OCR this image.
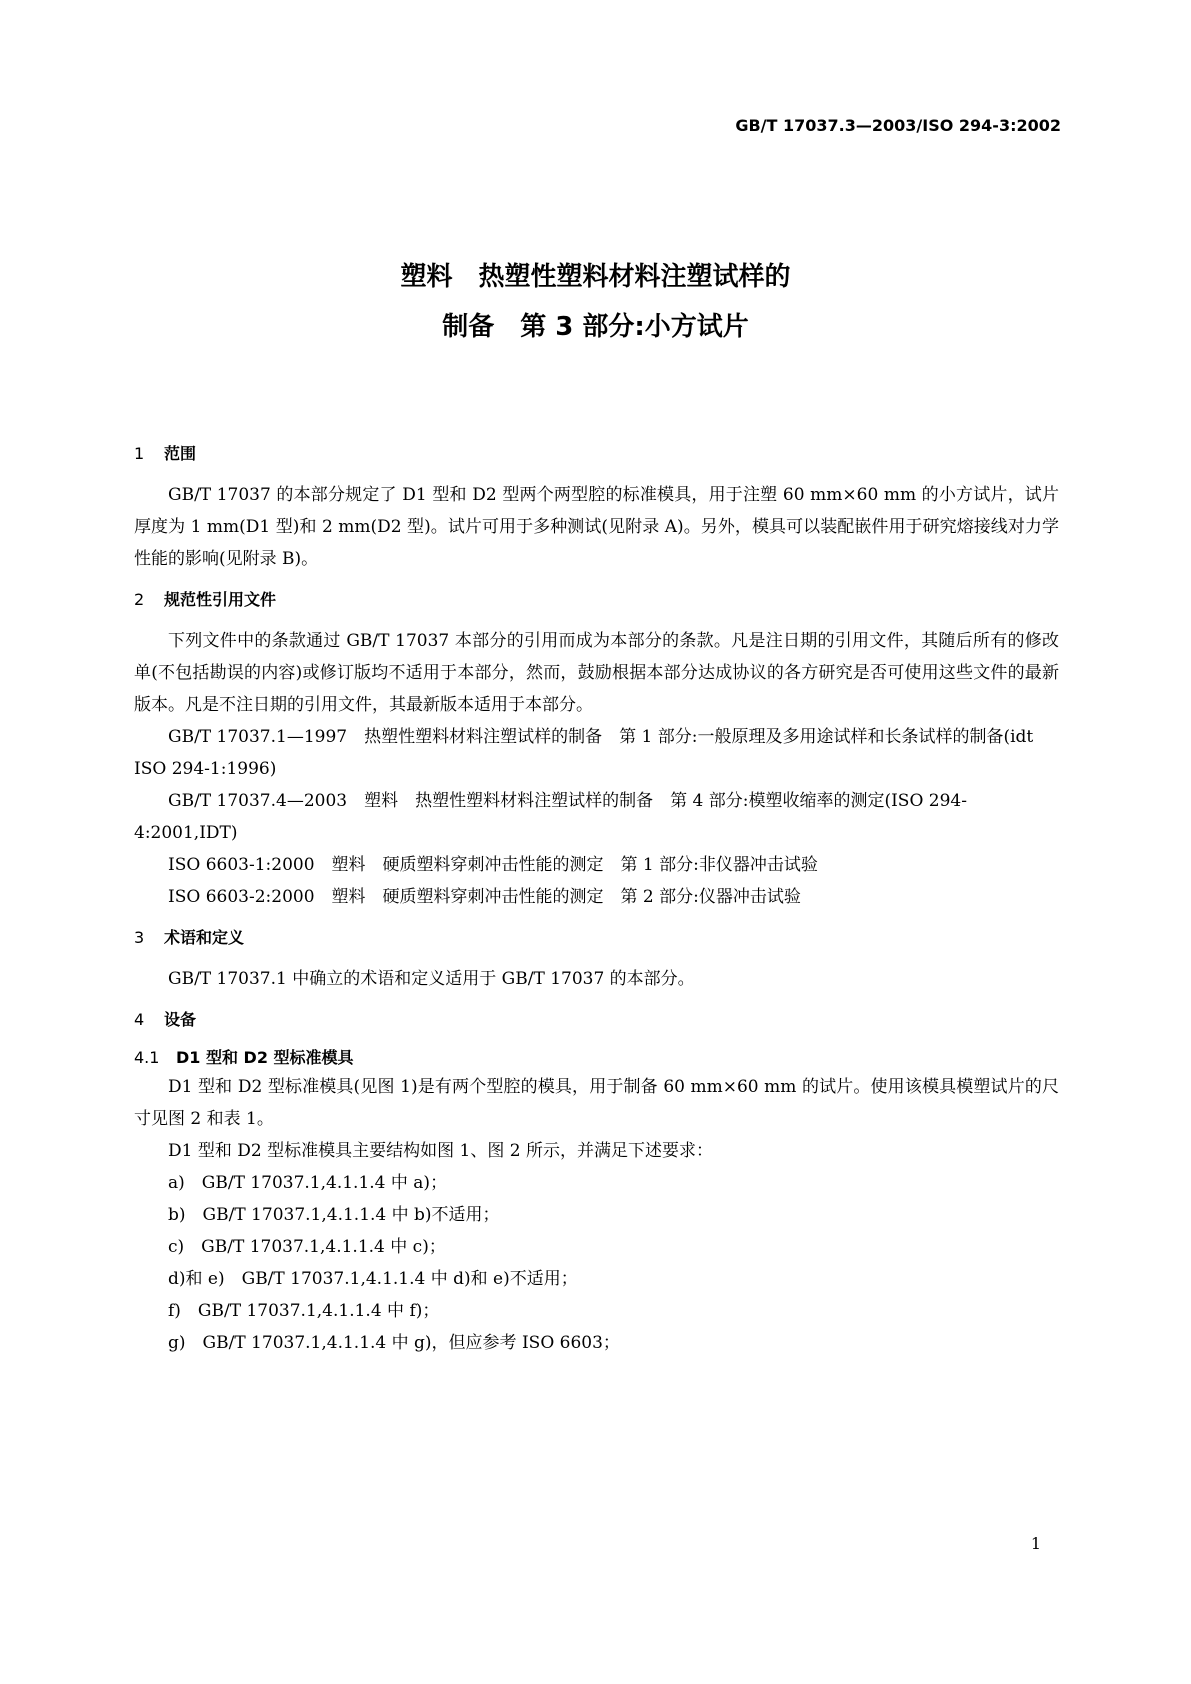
GB/T 17037.3—2003/ISO 294-3:2002
塑料　热塑性塑料材料注塑试样的
制备　第 3 部分:小方试片
1 范围

GB/T 17037 的本部分规定了 D1 型和 D2 型两个两型腔的标准模具，用于注塑 60 mm×60 mm 的小方试片，试片厚度为 1 mm(D1 型)和 2 mm(D2 型)。试片可用于多种测试(见附录 A)。另外，模具可以装配嵌件用于研究熔接线对力学性能的影响(见附录 B)。

2 规范性引用文件

下列文件中的条款通过 GB/T 17037 本部分的引用而成为本部分的条款。凡是注日期的引用文件，其随后所有的修改单(不包括勘误的内容)或修订版均不适用于本部分，然而，鼓励根据本部分达成协议的各方研究是否可使用这些文件的最新版本。凡是不注日期的引用文件，其最新版本适用于本部分。

GB/T 17037.1—1997　热塑性塑料材料注塑试样的制备　第 1 部分:一般原理及多用途试样和长条试样的制备(idt ISO 294-1:1996)

GB/T 17037.4—2003　塑料　热塑性塑料材料注塑试样的制备　第 4 部分:模塑收缩率的测定(ISO 294-4:2001,IDT)

ISO 6603-1:2000　塑料　硬质塑料穿刺冲击性能的测定　第 1 部分:非仪器冲击试验

ISO 6603-2:2000　塑料　硬质塑料穿刺冲击性能的测定　第 2 部分:仪器冲击试验

3 术语和定义

GB/T 17037.1 中确立的术语和定义适用于 GB/T 17037 的本部分。

4 设备
4.1 D1 型和 D2 型标准模具

D1 型和 D2 型标准模具(见图 1)是有两个型腔的模具，用于制备 60 mm×60 mm 的试片。使用该模具模塑试片的尺寸见图 2 和表 1。

D1 型和 D2 型标准模具主要结构如图 1、图 2 所示，并满足下述要求：

a)　GB/T 17037.1,4.1.1.4 中 a)；

b)　GB/T 17037.1,4.1.1.4 中 b)不适用；

c)　GB/T 17037.1,4.1.1.4 中 c)；

d)和 e)　GB/T 17037.1,4.1.1.4 中 d)和 e)不适用；

f)　GB/T 17037.1,4.1.1.4 中 f)；

g)　GB/T 17037.1,4.1.1.4 中 g)，但应参考 ISO 6603；

1
